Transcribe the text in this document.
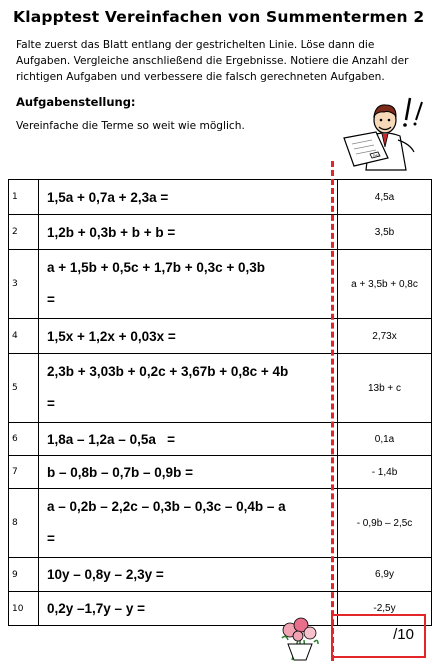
Klapptest Vereinfachen von Summentermen 2
Falte zuerst das Blatt entlang der gestrichelten Linie. Löse dann die Aufgaben. Vergleiche anschließend die Ergebnisse. Notiere die Anzahl der richtigen Aufgaben und verbessere die falsch gerechneten Aufgaben.
Aufgabenstellung:
Vereinfache die Terme so weit wie möglich.
DAS
1	1,5a + 0,7a + 2,3a =	4,5a
2	1,2b + 0,3b + b + b =	3,5b
3	a + 1,5b + 0,5c + 1,7b + 0,3c + 0,3b
=	a + 3,5b + 0,8c
4	1,5x + 1,2x + 0,03x =	2,73x
5	2,3b + 3,03b + 0,2c + 3,67b + 0,8c + 4b
=	13b + c
6	1,8a – 1,2a – 0,5a   =	0,1a
7	b – 0,8b – 0,7b – 0,9b =	- 1,4b
8	a – 0,2b – 2,2c – 0,3b – 0,3c – 0,4b – a
=	- 0,9b – 2,5c
9	10y – 0,8y – 2,3y =	6,9y
10	0,2y –1,7y – y =	-2,5y
/10
